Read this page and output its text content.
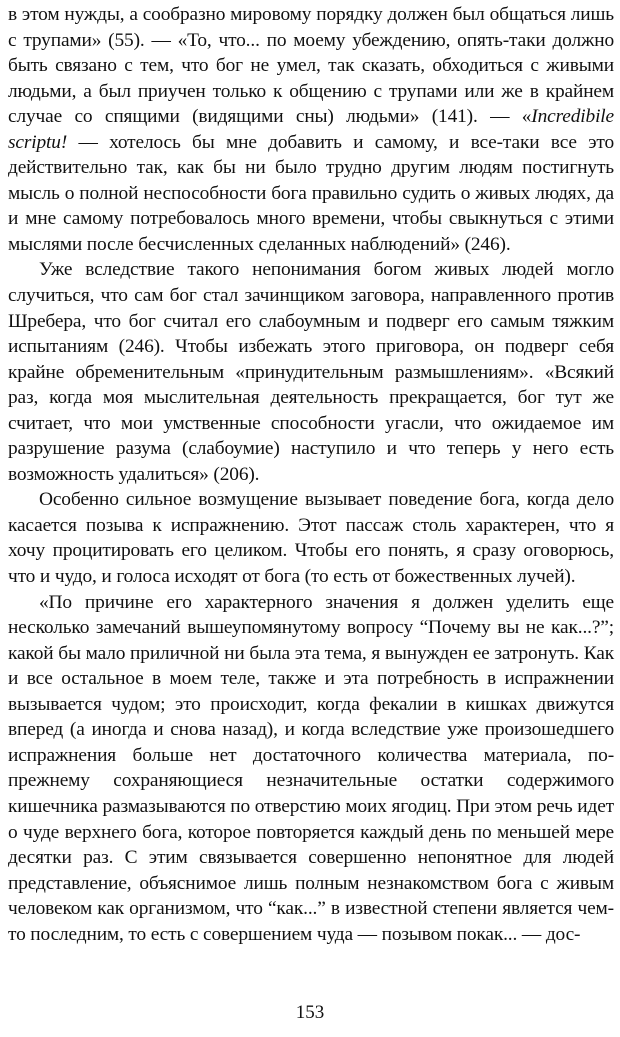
в этом нужды, а сообразно мировому порядку должен был общаться лишь с трупами» (55). — «То, что... по моему убеждению, опять-таки должно быть связано с тем, что бог не умел, так сказать, обходиться с живыми людьми, а был приучен только к общению с трупами или же в крайнем случае со спящими (видящими сны) людьми» (141). — «Incredibile scriptu! — хотелось бы мне добавить и самому, и все-таки все это действительно так, как бы ни было трудно другим людям постигнуть мысль о полной неспособности бога правильно судить о живых людях, да и мне самому потребовалось много времени, чтобы свыкнуться с этими мыслями после бесчисленных сделанных наблюдений» (246).

Уже вследствие такого непонимания богом живых людей могло случиться, что сам бог стал зачинщиком заговора, направленного против Шребера, что бог считал его слабоумным и подверг его самым тяжким испытаниям (246). Чтобы избежать этого приговора, он подверг себя крайне обременительным «принудительным размышлениям». «Всякий раз, когда моя мыслительная деятельность прекращается, бог тут же считает, что мои умственные способности угасли, что ожидаемое им разрушение разума (слабоумие) наступило и что теперь у него есть возможность удалиться» (206).

Особенно сильное возмущение вызывает поведение бога, когда дело касается позыва к испражнению. Этот пассаж столь характерен, что я хочу процитировать его целиком. Чтобы его понять, я сразу оговорюсь, что и чудо, и голоса исходят от бога (то есть от божественных лучей).

«По причине его характерного значения я должен уделить еще несколько замечаний вышеупомянутому вопросу “Почему вы не как...?”; какой бы мало приличной ни была эта тема, я вынужден ее затронуть. Как и все остальное в моем теле, также и эта потребность в испражнении вызывается чудом; это происходит, когда фекалии в кишках движутся вперед (а иногда и снова назад), и когда вследствие уже произошедшего испражнения больше нет достаточного количества материала, по-прежнему сохраняющиеся незначительные остатки содержимого кишечника размазываются по отверстию моих ягодиц. При этом речь идет о чуде верхнего бога, которое повторяется каждый день по меньшей мере десятки раз. С этим связывается совершенно непонятное для людей представление, объяснимое лишь полным незнакомством бога с живым человеком как организмом, что “как...” в известной степени является чем-то последним, то есть с совершением чуда — позывом покак... — дос-

153
